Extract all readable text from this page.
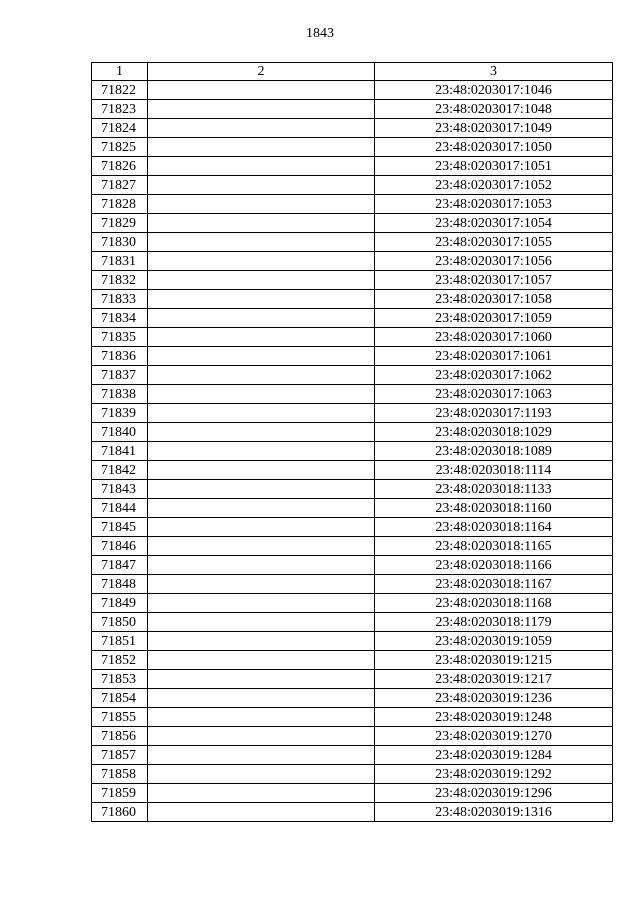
1843
1	2	3
71822		23:48:0203017:1046
71823		23:48:0203017:1048
71824		23:48:0203017:1049
71825		23:48:0203017:1050
71826		23:48:0203017:1051
71827		23:48:0203017:1052
71828		23:48:0203017:1053
71829		23:48:0203017:1054
71830		23:48:0203017:1055
71831		23:48:0203017:1056
71832		23:48:0203017:1057
71833		23:48:0203017:1058
71834		23:48:0203017:1059
71835		23:48:0203017:1060
71836		23:48:0203017:1061
71837		23:48:0203017:1062
71838		23:48:0203017:1063
71839		23:48:0203017:1193
71840		23:48:0203018:1029
71841		23:48:0203018:1089
71842		23:48:0203018:1114
71843		23:48:0203018:1133
71844		23:48:0203018:1160
71845		23:48:0203018:1164
71846		23:48:0203018:1165
71847		23:48:0203018:1166
71848		23:48:0203018:1167
71849		23:48:0203018:1168
71850		23:48:0203018:1179
71851		23:48:0203019:1059
71852		23:48:0203019:1215
71853		23:48:0203019:1217
71854		23:48:0203019:1236
71855		23:48:0203019:1248
71856		23:48:0203019:1270
71857		23:48:0203019:1284
71858		23:48:0203019:1292
71859		23:48:0203019:1296
71860		23:48:0203019:1316
